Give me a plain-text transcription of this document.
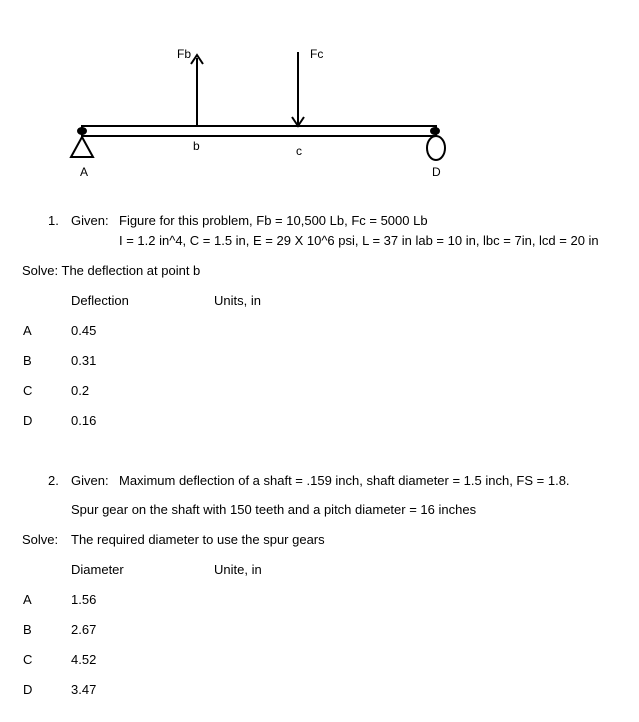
Fb	Fc
A
b	c
D
1. Given: Figure for this problem, Fb = 10,500 Lb, Fc = 5000 Lb
I = 1.2 in^4, C = 1.5 in, E = 29 X 10^6 psi, L = 37 in lab = 10 in, lbc = 7in, lcd = 20 in
Solve: The deflection at point b
Deflection	Units, in
A	0.45
B	0.31
C	0.2
D	0.16
2. Given: Maximum deflection of a shaft = .159 inch, shaft diameter = 1.5 inch, FS = 1.8.
Spur gear on the shaft with 150 teeth and a pitch diameter = 16 inches
Solve: The required diameter to use the spur gears
Diameter	Unite, in
A	1.56
B	2.67
C	4.52
D	3.47
